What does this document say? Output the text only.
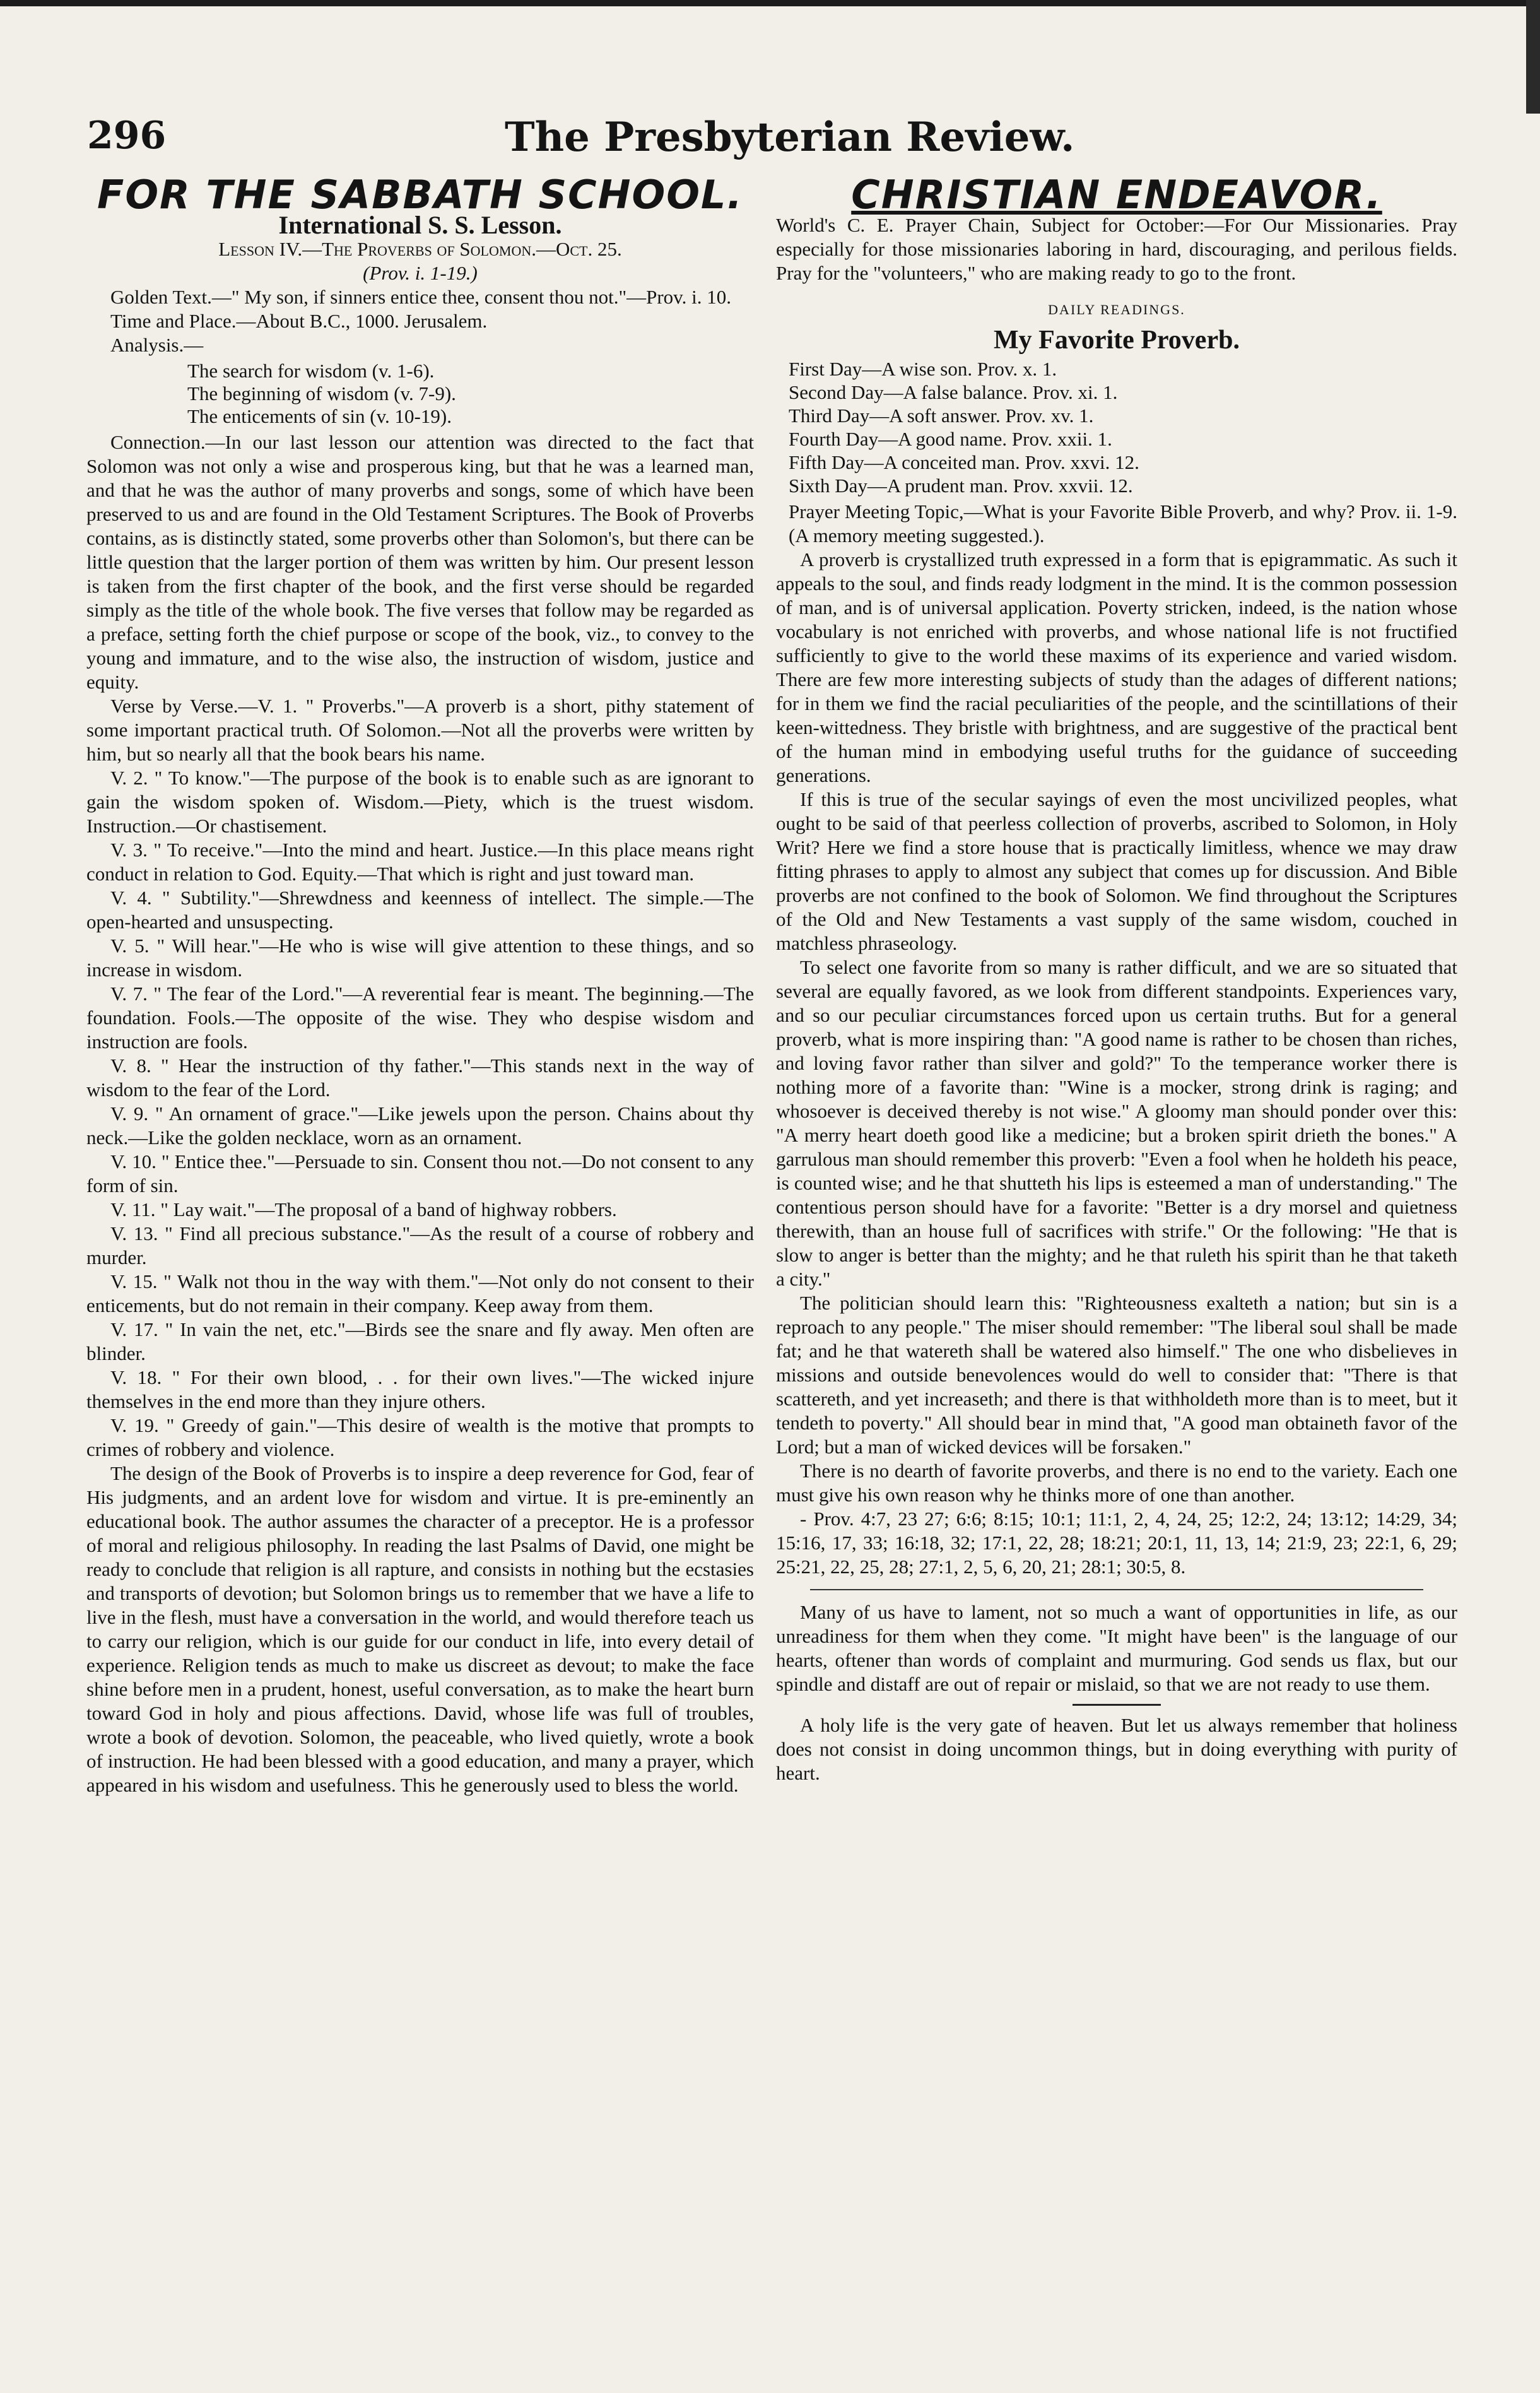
296	The Presbyterian Review.
FOR THE SABBATH SCHOOL.
International S. S. Lesson.
Lesson IV.—The Proverbs of Solomon.—Oct. 25.
(Prov. i. 1-19.)

Golden Text.—" My son, if sinners entice thee, consent thou not."—Prov. i. 10.

Time and Place.—About B.C., 1000. Jerusalem.

Analysis.—

The search for wisdom (v. 1-6).
The beginning of wisdom (v. 7-9).
The enticements of sin (v. 10-19).

Connection.—In our last lesson our attention was directed to the fact that Solomon was not only a wise and prosperous king, but that he was a learned man, and that he was the author of many proverbs and songs, some of which have been preserved to us and are found in the Old Testament Scriptures. The Book of Proverbs contains, as is distinctly stated, some proverbs other than Solomon's, but there can be little question that the larger portion of them was written by him. Our present lesson is taken from the first chapter of the book, and the first verse should be regarded simply as the title of the whole book. The five verses that follow may be regarded as a preface, setting forth the chief purpose or scope of the book, viz., to convey to the young and immature, and to the wise also, the instruction of wisdom, justice and equity.

Verse by Verse.—V. 1. " Proverbs."—A proverb is a short, pithy statement of some important practical truth. Of Solomon.—Not all the proverbs were written by him, but so nearly all that the book bears his name.

V. 2. " To know."—The purpose of the book is to enable such as are ignorant to gain the wisdom spoken of. Wisdom.—Piety, which is the truest wisdom. Instruction.—Or chastisement.

V. 3. " To receive."—Into the mind and heart. Justice.—In this place means right conduct in relation to God. Equity.—That which is right and just toward man.

V. 4. " Subtility."—Shrewdness and keenness of intellect. The simple.—The open-hearted and unsuspecting.

V. 5. " Will hear."—He who is wise will give attention to these things, and so increase in wisdom.

V. 7. " The fear of the Lord."—A reverential fear is meant. The beginning.—The foundation. Fools.—The opposite of the wise. They who despise wisdom and instruction are fools.

V. 8. " Hear the instruction of thy father."—This stands next in the way of wisdom to the fear of the Lord.

V. 9. " An ornament of grace."—Like jewels upon the person. Chains about thy neck.—Like the golden necklace, worn as an ornament.

V. 10. " Entice thee."—Persuade to sin. Consent thou not.—Do not consent to any form of sin.

V. 11. " Lay wait."—The proposal of a band of highway robbers.

V. 13. " Find all precious substance."—As the result of a course of robbery and murder.

V. 15. " Walk not thou in the way with them."—Not only do not consent to their enticements, but do not remain in their company. Keep away from them.

V. 17. " In vain the net, etc."—Birds see the snare and fly away. Men often are blinder.

V. 18. " For their own blood, . . for their own lives."—The wicked injure themselves in the end more than they injure others.

V. 19. " Greedy of gain."—This desire of wealth is the motive that prompts to crimes of robbery and violence.

The design of the Book of Proverbs is to inspire a deep reverence for God, fear of His judgments, and an ardent love for wisdom and virtue. It is pre-eminently an educational book. The author assumes the character of a preceptor. He is a professor of moral and religious philosophy. In reading the last Psalms of David, one might be ready to conclude that religion is all rapture, and consists in nothing but the ecstasies and transports of devotion; but Solomon brings us to remember that we have a life to live in the flesh, must have a conversation in the world, and would therefore teach us to carry our religion, which is our guide for our conduct in life, into every detail of experience. Religion tends as much to make us discreet as devout; to make the face shine before men in a prudent, honest, useful conversation, as to make the heart burn toward God in holy and pious affections. David, whose life was full of troubles, wrote a book of devotion. Solomon, the peaceable, who lived quietly, wrote a book of instruction. He had been blessed with a good education, and many a prayer, which appeared in his wisdom and usefulness. This he generously used to bless the world.

CHRISTIAN ENDEAVOR.

World's C. E. Prayer Chain, Subject for October:—For Our Missionaries. Pray especially for those missionaries laboring in hard, discouraging, and perilous fields. Pray for the "volunteers," who are making ready to go to the front.

DAILY READINGS.
My Favorite Proverb.
First Day—A wise son. Prov. x. 1.
Second Day—A false balance. Prov. xi. 1.
Third Day—A soft answer. Prov. xv. 1.
Fourth Day—A good name. Prov. xxii. 1.
Fifth Day—A conceited man. Prov. xxvi. 12.
Sixth Day—A prudent man. Prov. xxvii. 12.

Prayer Meeting Topic,—What is your Favorite Bible Proverb, and why? Prov. ii. 1-9. (A memory meeting suggested.).

A proverb is crystallized truth expressed in a form that is epigrammatic. As such it appeals to the soul, and finds ready lodgment in the mind. It is the common possession of man, and is of universal application. Poverty stricken, indeed, is the nation whose vocabulary is not enriched with proverbs, and whose national life is not fructified sufficiently to give to the world these maxims of its experience and varied wisdom. There are few more interesting subjects of study than the adages of different nations; for in them we find the racial peculiarities of the people, and the scintillations of their keen-wittedness. They bristle with brightness, and are suggestive of the practical bent of the human mind in embodying useful truths for the guidance of succeeding generations.

If this is true of the secular sayings of even the most uncivilized peoples, what ought to be said of that peerless collection of proverbs, ascribed to Solomon, in Holy Writ? Here we find a store house that is practically limitless, whence we may draw fitting phrases to apply to almost any subject that comes up for discussion. And Bible proverbs are not confined to the book of Solomon. We find throughout the Scriptures of the Old and New Testaments a vast supply of the same wisdom, couched in matchless phraseology.

To select one favorite from so many is rather difficult, and we are so situated that several are equally favored, as we look from different standpoints. Experiences vary, and so our peculiar circumstances forced upon us certain truths. But for a general proverb, what is more inspiring than: "A good name is rather to be chosen than riches, and loving favor rather than silver and gold?" To the temperance worker there is nothing more of a favorite than: "Wine is a mocker, strong drink is raging; and whosoever is deceived thereby is not wise." A gloomy man should ponder over this: "A merry heart doeth good like a medicine; but a broken spirit drieth the bones." A garrulous man should remember this proverb: "Even a fool when he holdeth his peace, is counted wise; and he that shutteth his lips is esteemed a man of understanding." The contentious person should have for a favorite: "Better is a dry morsel and quietness therewith, than an house full of sacrifices with strife." Or the following: "He that is slow to anger is better than the mighty; and he that ruleth his spirit than he that taketh a city."

The politician should learn this: "Righteousness exalteth a nation; but sin is a reproach to any people." The miser should remember: "The liberal soul shall be made fat; and he that watereth shall be watered also himself." The one who disbelieves in missions and outside benevolences would do well to consider that: "There is that scattereth, and yet increaseth; and there is that withholdeth more than is to meet, but it tendeth to poverty." All should bear in mind that, "A good man obtaineth favor of the Lord; but a man of wicked devices will be forsaken."

There is no dearth of favorite proverbs, and there is no end to the variety. Each one must give his own reason why he thinks more of one than another.

- Prov. 4:7, 23 27; 6:6; 8:15; 10:1; 11:1, 2, 4, 24, 25; 12:2, 24; 13:12; 14:29, 34; 15:16, 17, 33; 16:18, 32; 17:1, 22, 28; 18:21; 20:1, 11, 13, 14; 21:9, 23; 22:1, 6, 29; 25:21, 22, 25, 28; 27:1, 2, 5, 6, 20, 21; 28:1; 30:5, 8.

Many of us have to lament, not so much a want of opportunities in life, as our unreadiness for them when they come. "It might have been" is the language of our hearts, oftener than words of complaint and murmuring. God sends us flax, but our spindle and distaff are out of repair or mislaid, so that we are not ready to use them.

A holy life is the very gate of heaven. But let us always remember that holiness does not consist in doing uncommon things, but in doing everything with purity of heart.
